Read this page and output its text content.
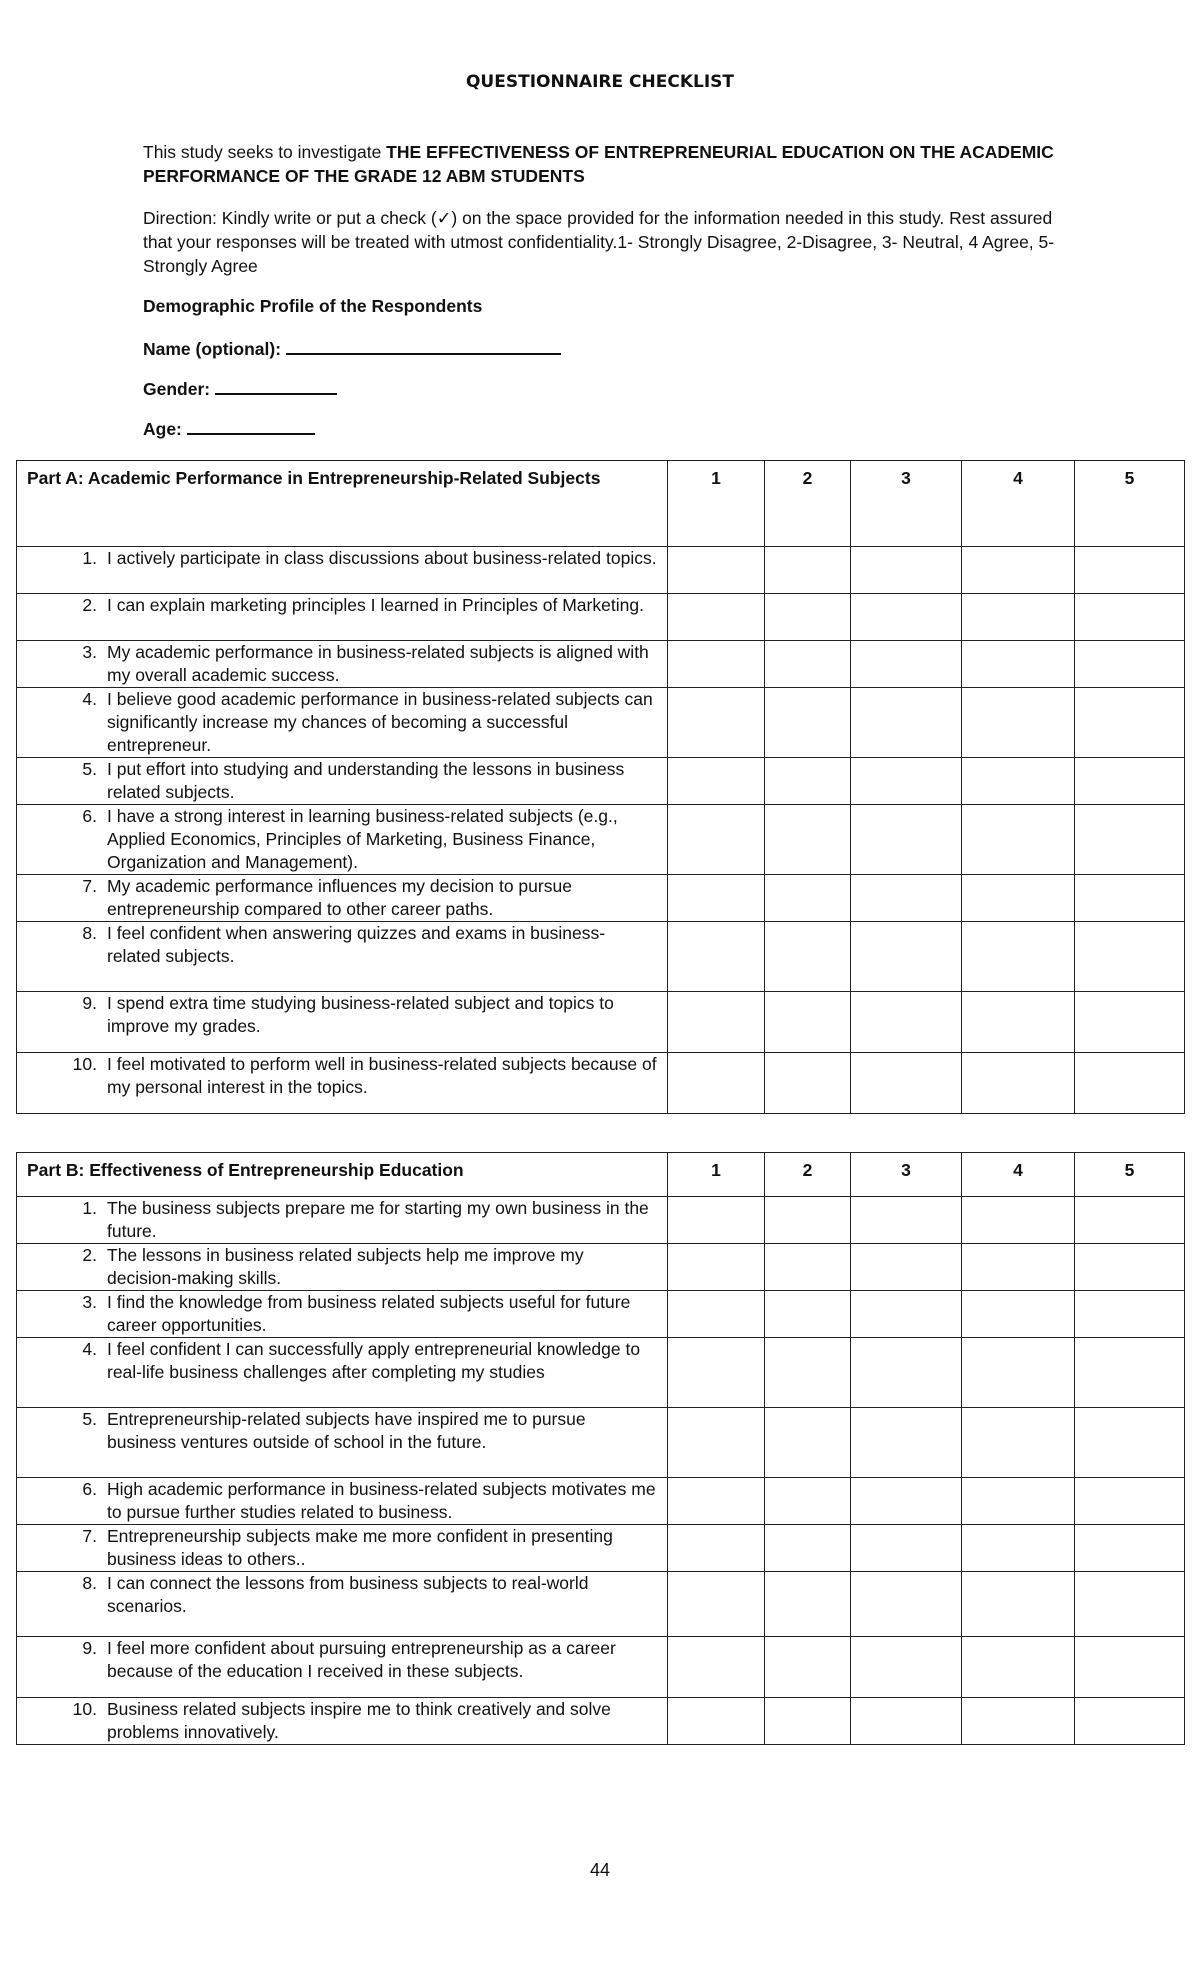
QUESTIONNAIRE CHECKLIST
This study seeks to investigate THE EFFECTIVENESS OF ENTREPRENEURIAL EDUCATION ON THE ACADEMIC PERFORMANCE OF THE GRADE 12 ABM STUDENTS
Direction: Kindly write or put a check (✓) on the space provided for the information needed in this study. Rest assured that your responses will be treated with utmost confidentiality.1- Strongly Disagree, 2-Disagree, 3- Neutral, 4 Agree, 5- Strongly Agree
Demographic Profile of the Respondents
Name (optional):
Gender:
Age:
Part A: Academic Performance in Entrepreneurship-Related Subjects	1	2	3	4	5

1. I actively participate in class discussions about business-related topics.					

2. I can explain marketing principles I learned in Principles of Marketing.					

3. My academic performance in business-related subjects is aligned with my overall academic success.					

4. I believe good academic performance in business-related subjects can significantly increase my chances of becoming a successful entrepreneur.					

5. I put effort into studying and understanding the lessons in business related subjects.					

6. I have a strong interest in learning business-related subjects (e.g., Applied Economics, Principles of Marketing, Business Finance, Organization and Management).					

7. My academic performance influences my decision to pursue entrepreneurship compared to other career paths.					

8. I feel confident when answering quizzes and exams in business-related subjects.					

9. I spend extra time studying business-related subject and topics to improve my grades.					

10. I feel motivated to perform well in business-related subjects because of my personal interest in the topics.					

Part B: Effectiveness of Entrepreneurship Education	1	2	3	4	5

1. The business subjects prepare me for starting my own business in the future.					

2. The lessons in business related subjects help me improve my decision-making skills.					

3. I find the knowledge from business related subjects useful for future career opportunities.					

4. I feel confident I can successfully apply entrepreneurial knowledge to real-life business challenges after completing my studies					

5. Entrepreneurship-related subjects have inspired me to pursue business ventures outside of school in the future.					

6. High academic performance in business-related subjects motivates me to pursue further studies related to business.					

7. Entrepreneurship subjects make me more confident in presenting business ideas to others..					

8. I can connect the lessons from business subjects to real-world scenarios.					

9. I feel more confident about pursuing entrepreneurship as a career because of the education I received in these subjects.					

10. Business related subjects inspire me to think creatively and solve problems innovatively.					

44
